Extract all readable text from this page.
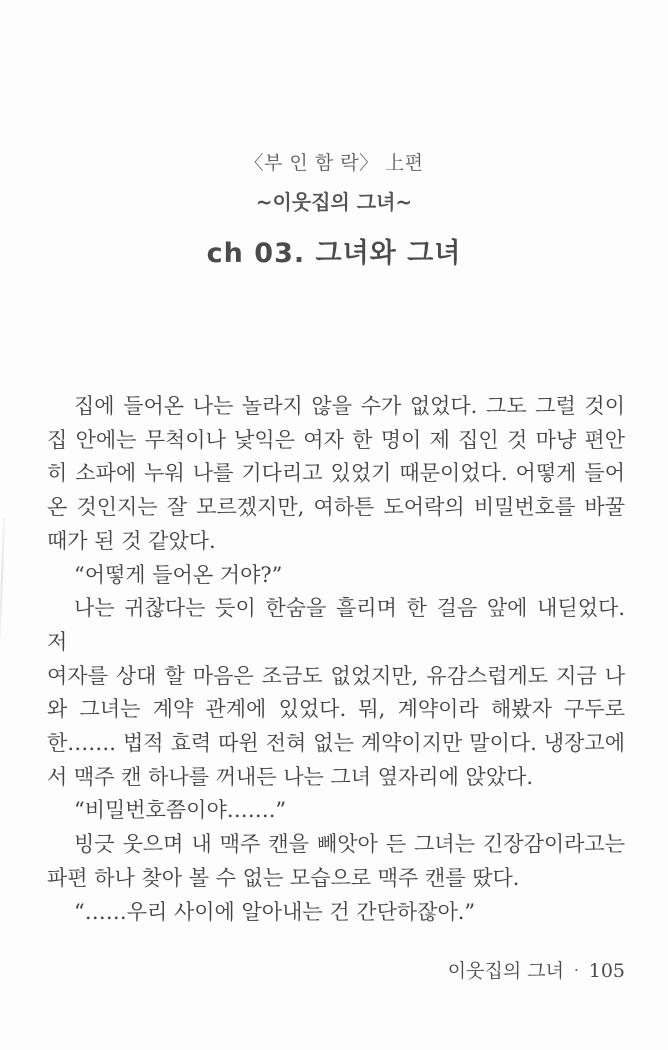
〈부 인 함 락〉 上편
~이웃집의 그녀~
ch 03. 그녀와 그녀
집에 들어온 나는 놀라지 않을 수가 없었다. 그도 그럴 것이
집 안에는 무척이나 낯익은 여자 한 명이 제 집인 것 마냥 편안
히 소파에 누워 나를 기다리고 있었기 때문이었다. 어떻게 들어
온 것인지는 잘 모르겠지만, 여하튼 도어락의 비밀번호를 바꿀
때가 된 것 같았다.
“어떻게 들어온 거야?”
나는 귀찮다는 듯이 한숨을 흘리며 한 걸음 앞에 내딛었다. 저
여자를 상대 할 마음은 조금도 없었지만, 유감스럽게도 지금 나
와 그녀는 계약 관계에 있었다. 뭐, 계약이라 해봤자 구두로
한……. 법적 효력 따윈 전혀 없는 계약이지만 말이다. 냉장고에
서 맥주 캔 하나를 꺼내든 나는 그녀 옆자리에 앉았다.
“비밀번호쯤이야…….”
빙긋 웃으며 내 맥주 캔을 빼앗아 든 그녀는 긴장감이라고는
파편 하나 찾아 볼 수 없는 모습으로 맥주 캔를 땄다.
“……우리 사이에 알아내는 건 간단하잖아.”
이웃집의 그녀 · 105
